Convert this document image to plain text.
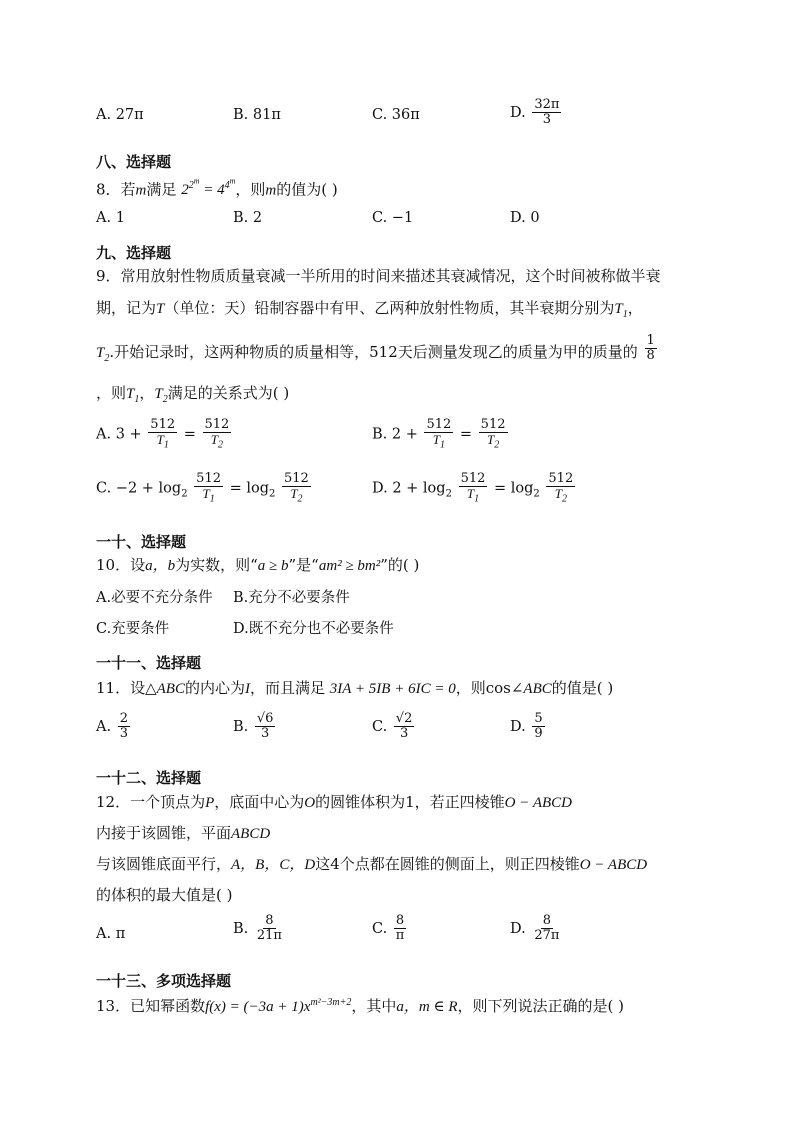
A. 27π	B. 81π	C. 36π	D. $\frac{32\pi}{3}$
八、选择题
8．若m满足 $2^{2^m} = 4^{4^m}$，则m的值为( )
A. 1	B. 2	C. −1	D. 0
九、选择题
9．常用放射性物质质量衰减一半所用的时间来描述其衰减情况，这个时间被称做半衰
期，记为T（单位：天）铅制容器中有甲、乙两种放射性物质，其半衰期分别为$T_1$，
$T_2$.开始记录时，这两种物质的质量相等，512天后测量发现乙的质量为甲的质量的 $\frac{1}{8}$
，则$T_1$，$T_2$满足的关系式为( )
A. $3 + \frac{512}{T_1} = \frac{512}{T_2}$	B. $2 + \frac{512}{T_1} = \frac{512}{T_2}$
C. $-2 + \log_2 \frac{512}{T_1} = \log_2 \frac{512}{T_2}$	D. $2 + \log_2 \frac{512}{T_1} = \log_2 \frac{512}{T_2}$
一十、选择题
10．设a，b为实数，则“a ≥ b”是“am² ≥ bm²”的( )
A.必要不充分条件 B.充分不必要条件
C.充要条件	D.既不充分也不必要条件
一十一、选择题
11．设△ABC的内心为I，而且满足 3IA + 5IB + 6IC = 0，则cos∠ABC的值是( )
A. $\frac{2}{3}$	B. $\frac{√6}{3}$	C. $\frac{√2}{3}$	D. $\frac{5}{9}$
一十二、选择题
12．一个顶点为P，底面中心为O的圆锥体积为1，若正四棱锥O − ABCD
内接于该圆锥，平面ABCD
与该圆锥底面平行，A，B，C，D这4个点都在圆锥的侧面上，则正四棱锥O − ABCD
的体积的最大值是( )
A. π	B. $\frac{8}{21\pi}$	C. $\frac{8}{\pi}$	D. $\frac{8}{27\pi}$
一十三、多项选择题
13．已知幂函数$f(x) = (-3a + 1)x^{m^2-3m+2}$，其中a，m ∈ R，则下列说法正确的是( )
